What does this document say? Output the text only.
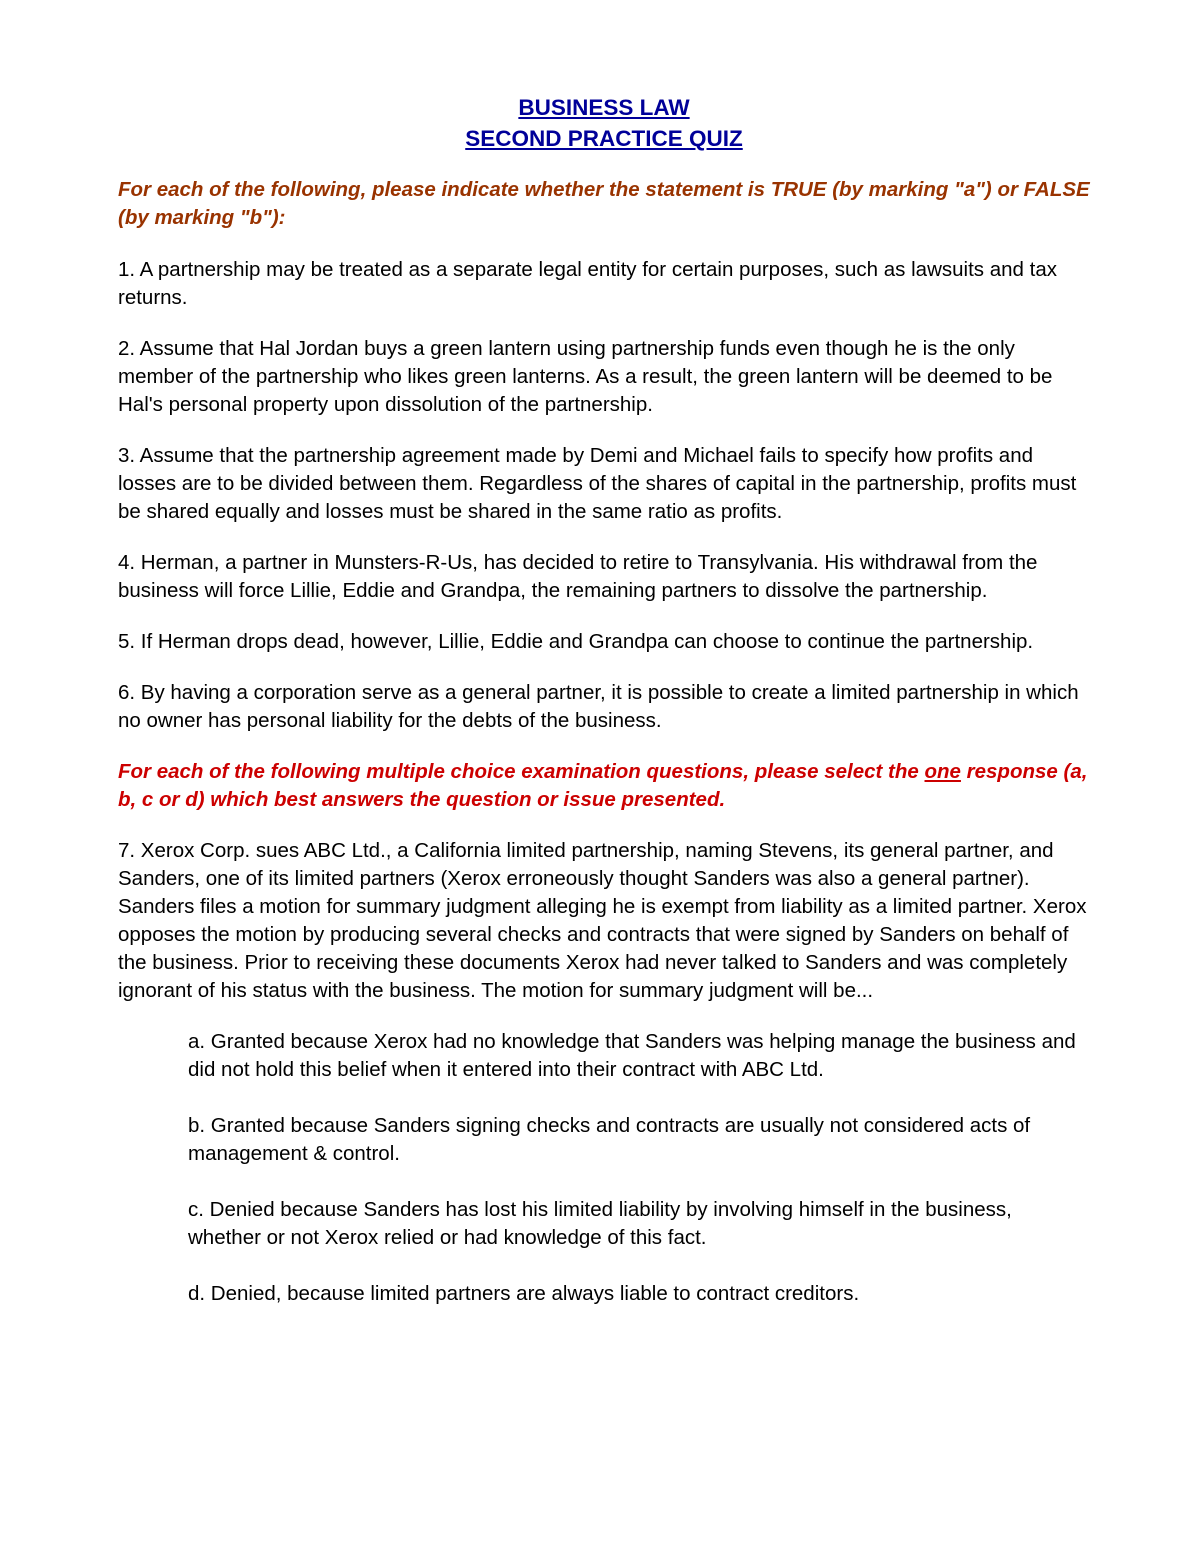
BUSINESS LAW

SECOND PRACTICE QUIZ

For each of the following, please indicate whether the statement is TRUE (by marking "a") or FALSE (by marking "b"):

1. A partnership may be treated as a separate legal entity for certain purposes, such as lawsuits and tax returns.

2. Assume that Hal Jordan buys a green lantern using partnership funds even though he is the only member of the partnership who likes green lanterns. As a result, the green lantern will be deemed to be Hal's personal property upon dissolution of the partnership.

3. Assume that the partnership agreement made by Demi and Michael fails to specify how profits and losses are to be divided between them. Regardless of the shares of capital in the partnership, profits must be shared equally and losses must be shared in the same ratio as profits.

4. Herman, a partner in Munsters-R-Us, has decided to retire to Transylvania. His withdrawal from the business will force Lillie, Eddie and Grandpa, the remaining partners to dissolve the partnership.

5. If Herman drops dead, however, Lillie, Eddie and Grandpa can choose to continue the partnership.

6. By having a corporation serve as a general partner, it is possible to create a limited partnership in which no owner has personal liability for the debts of the business.

For each of the following multiple choice examination questions, please select the one response (a, b, c or d) which best answers the question or issue presented.

7. Xerox Corp. sues ABC Ltd., a California limited partnership, naming Stevens, its general partner, and Sanders, one of its limited partners (Xerox erroneously thought Sanders was also a general partner). Sanders files a motion for summary judgment alleging he is exempt from liability as a limited partner. Xerox opposes the motion by producing several checks and contracts that were signed by Sanders on behalf of the business. Prior to receiving these documents Xerox had never talked to Sanders and was completely ignorant of his status with the business. The motion for summary judgment will be...

a. Granted because Xerox had no knowledge that Sanders was helping manage the business and did not hold this belief when it entered into their contract with ABC Ltd.

b. Granted because Sanders signing checks and contracts are usually not considered acts of management & control.

c. Denied because Sanders has lost his limited liability by involving himself in the business, whether or not Xerox relied or had knowledge of this fact.

d. Denied, because limited partners are always liable to contract creditors.
